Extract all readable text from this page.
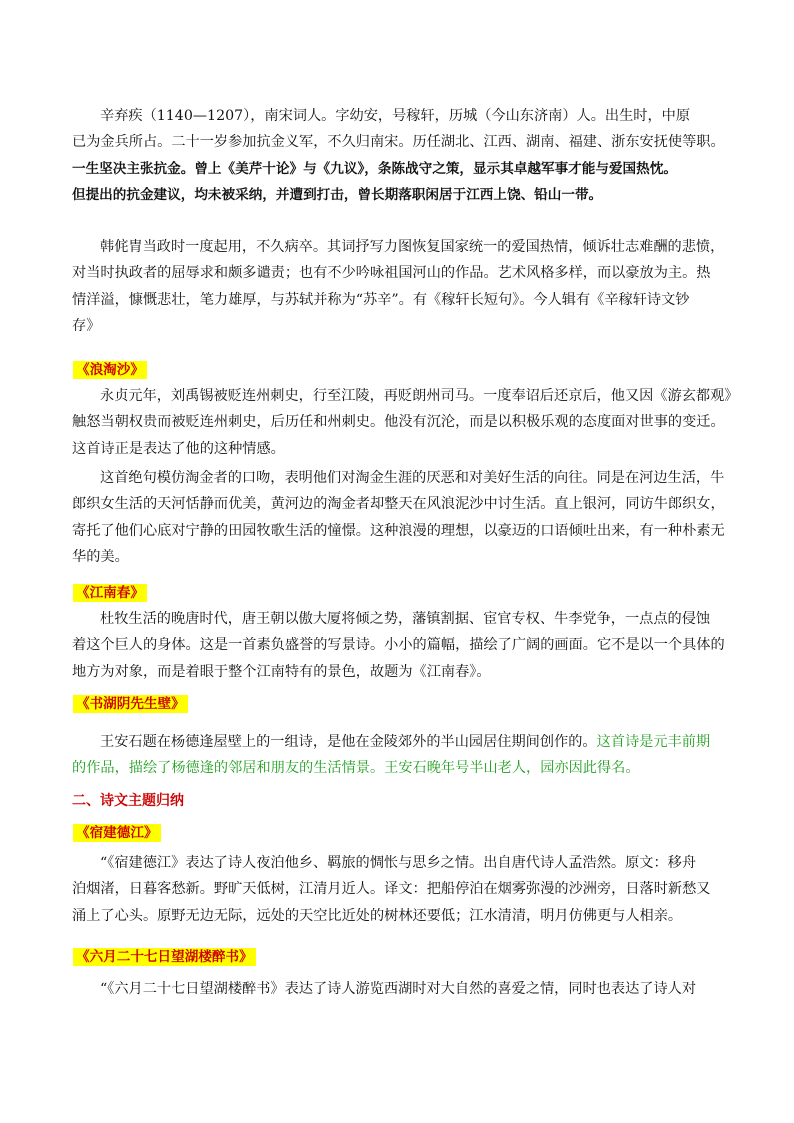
辛弃疾（1140—1207），南宋词人。字幼安，号稼轩，历城（今山东济南）人。出生时，中原
已为金兵所占。二十一岁参加抗金义军，不久归南宋。历任湖北、江西、湖南、福建、浙东安抚使等职。
一生坚决主张抗金。曾上《美芹十论》与《九议》，条陈战守之策，显示其卓越军事才能与爱国热忱。
但提出的抗金建议，均未被采纳，并遭到打击，曾长期落职闲居于江西上饶、铅山一带。

韩侂胄当政时一度起用，不久病卒。其词抒写力图恢复国家统一的爱国热情，倾诉壮志难酬的悲愤，
对当时执政者的屈辱求和颇多谴责；也有不少吟咏祖国河山的作品。艺术风格多样，而以豪放为主。热
情洋溢，慷慨悲壮，笔力雄厚，与苏轼并称为“苏辛”。有《稼轩长短句》。今人辑有《辛稼轩诗文钞
存》

《浪淘沙》

永贞元年，刘禹锡被贬连州刺史，行至江陵，再贬朗州司马。一度奉诏后还京后，他又因《游玄都观》
触怒当朝权贵而被贬连州刺史，后历任和州刺史。他没有沉沦，而是以积极乐观的态度面对世事的变迁。
这首诗正是表达了他的这种情感。

这首绝句模仿淘金者的口吻，表明他们对淘金生涯的厌恶和对美好生活的向往。同是在河边生活，牛
郎织女生活的天河恬静而优美，黄河边的淘金者却整天在风浪泥沙中讨生活。直上银河，同访牛郎织女，
寄托了他们心底对宁静的田园牧歌生活的憧憬。这种浪漫的理想，以豪迈的口语倾吐出来，有一种朴素无
华的美。

《江南春》

杜牧生活的晚唐时代，唐王朝以傲大厦将倾之势，藩镇割据、宦官专权、牛李党争，一点点的侵蚀
着这个巨人的身体。这是一首素负盛誉的写景诗。小小的篇幅，描绘了广阔的画面。它不是以一个具体的
地方为对象，而是着眼于整个江南特有的景色，故题为《江南春》。

《书湖阴先生壁》

王安石题在杨德逢屋壁上的一组诗，是他在金陵郊外的半山园居住期间创作的。这首诗是元丰前期
的作品，描绘了杨德逢的邻居和朋友的生活情景。王安石晚年号半山老人，园亦因此得名。

二、诗文主题归纳
《宿建德江》

“《宿建德江》表达了诗人夜泊他乡、羁旅的惆怅与思乡之情。出自唐代诗人孟浩然。原文：移舟
泊烟渚，日暮客愁新。野旷天低树，江清月近人。译文：把船停泊在烟雾弥漫的沙洲旁，日落时新愁又
涌上了心头。原野无边无际，远处的天空比近处的树林还要低；江水清清，明月仿佛更与人相亲。

《六月二十七日望湖楼醉书》

“《六月二十七日望湖楼醉书》表达了诗人游览西湖时对大自然的喜爱之情，同时也表达了诗人对
